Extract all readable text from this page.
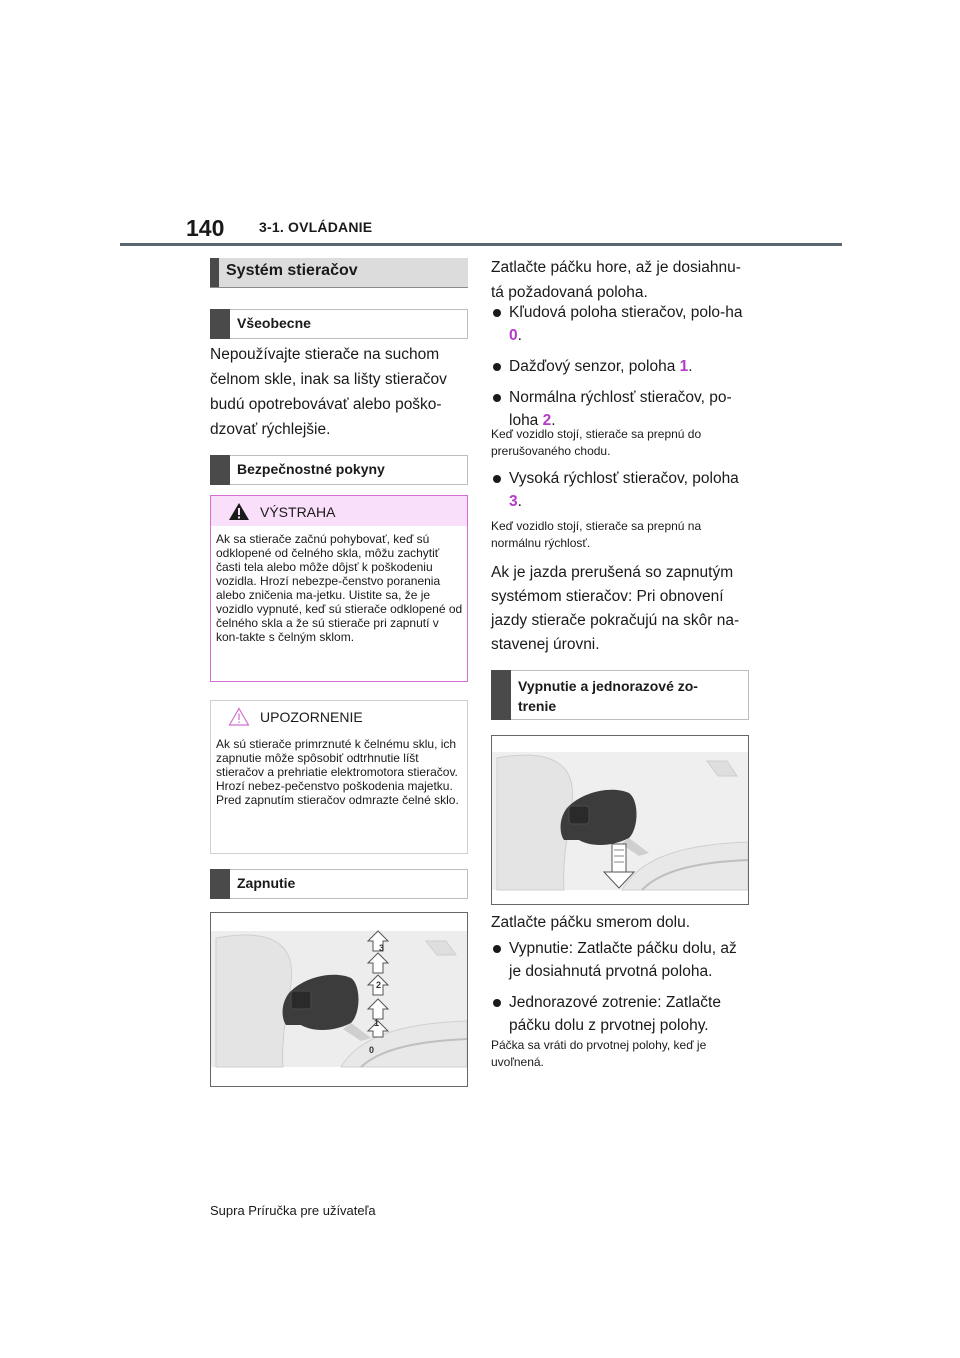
140 3-1. OVLÁDANIE
Systém stieračov
Všeobecne
Nepoužívajte stierače na suchom čelnom skle, inak sa lišty stieračov budú opotrebovávať alebo poško-dzovať rýchlejšie.
Bezpečnostné pokyny
VÝSTRAHA
Ak sa stierače začnú pohybovať, keď sú odklopené od čelného skla, môžu zachytiť časti tela alebo môže dôjsť k poškodeniu vozidla. Hrozí nebezpe-čenstvo poranenia alebo zničenia ma-jetku. Uistite sa, že je vozidlo vypnuté, keď sú stierače odklopené od čelného skla a že sú stierače pri zapnutí v kon-takte s čelným sklom.
UPOZORNENIE
Ak sú stierače primrznuté k čelnému sklu, ich zapnutie môže spôsobiť odtrhnutie líšt stieračov a prehriatie elektromotora stieračov. Hrozí nebez-pečenstvo poškodenia majetku. Pred zapnutím stieračov odmrazte čelné sklo.
Zapnutie
3
2
1
0
Zatlačte páčku hore, až je dosiahnu-tá požadovaná poloha.
Kľudová poloha stieračov, polo-ha 0.
Dažďový senzor, poloha 1.
Normálna rýchlosť stieračov, po-loha 2.
Keď vozidlo stojí, stierače sa prepnú do prerušovaného chodu.
Vysoká rýchlosť stieračov, poloha 3.
Keď vozidlo stojí, stierače sa prepnú na normálnu rýchlosť.
Ak je jazda prerušená so zapnutým systémom stieračov: Pri obnovení jazdy stierače pokračujú na skôr na-stavenej úrovni.
Vypnutie a jednorazové zo-trenie
Zatlačte páčku smerom dolu.
Vypnutie: Zatlačte páčku dolu, až je dosiahnutá prvotná poloha.
Jednorazové zotrenie: Zatlačte páčku dolu z prvotnej polohy.
Páčka sa vráti do prvotnej polohy, keď je uvoľnená.
Supra Príručka pre užívateľa
